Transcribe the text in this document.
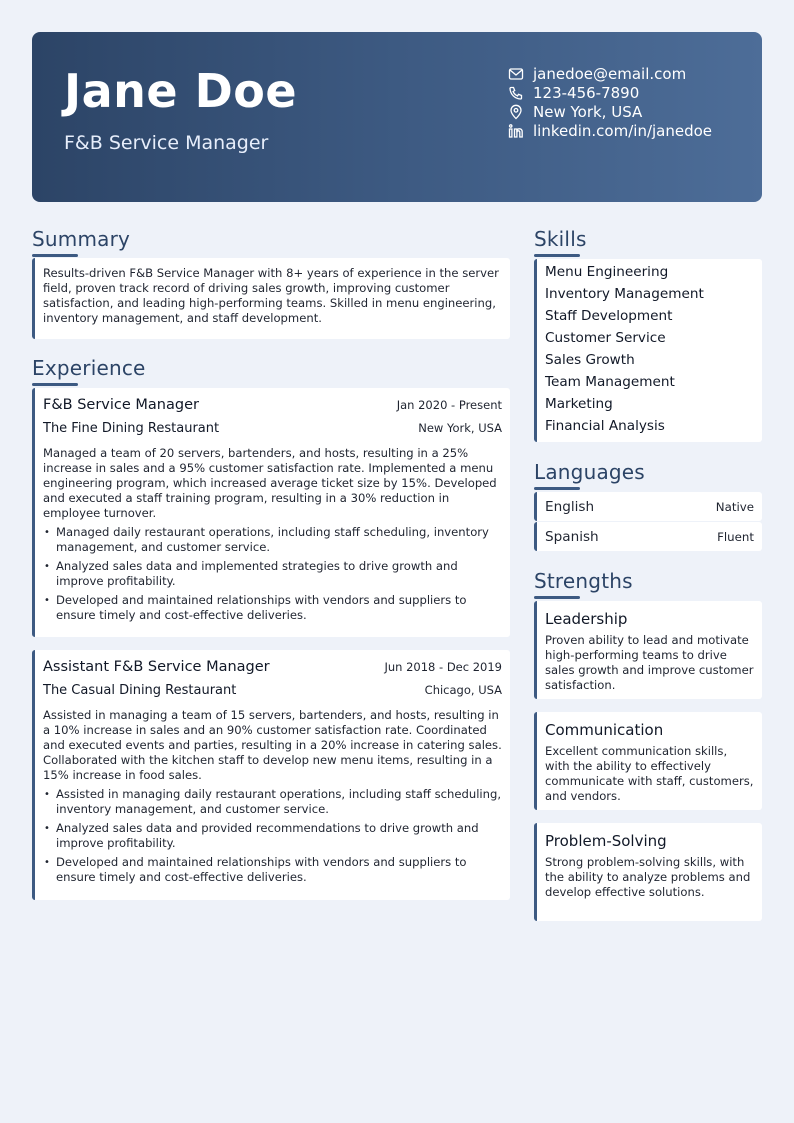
Jane Doe
F&B Service Manager
janedoe@email.com
123-456-7890
New York, USA
linkedin.com/in/janedoe
Summary
Results-driven F&B Service Manager with 8+ years of experience in the server field, proven track record of driving sales growth, improving customer satisfaction, and leading high-performing teams. Skilled in menu engineering, inventory management, and staff development.
Experience
F&B Service Manager	Jan 2020 - Present
The Fine Dining Restaurant	New York, USA
Managed a team of 20 servers, bartenders, and hosts, resulting in a 25% increase in sales and a 95% customer satisfaction rate. Implemented a menu engineering program, which increased average ticket size by 15%. Developed and executed a staff training program, resulting in a 30% reduction in employee turnover.
• Managed daily restaurant operations, including staff scheduling, inventory management, and customer service.
• Analyzed sales data and implemented strategies to drive growth and improve profitability.
• Developed and maintained relationships with vendors and suppliers to ensure timely and cost-effective deliveries.
Assistant F&B Service Manager	Jun 2018 - Dec 2019
The Casual Dining Restaurant	Chicago, USA
Assisted in managing a team of 15 servers, bartenders, and hosts, resulting in a 10% increase in sales and an 90% customer satisfaction rate. Coordinated and executed events and parties, resulting in a 20% increase in catering sales. Collaborated with the kitchen staff to develop new menu items, resulting in a 15% increase in food sales.
• Assisted in managing daily restaurant operations, including staff scheduling, inventory management, and customer service.
• Analyzed sales data and provided recommendations to drive growth and improve profitability.
• Developed and maintained relationships with vendors and suppliers to ensure timely and cost-effective deliveries.
Skills
Menu Engineering
Inventory Management
Staff Development
Customer Service
Sales Growth
Team Management
Marketing
Financial Analysis
Languages
English	Native
Spanish	Fluent
Strengths
Leadership
Proven ability to lead and motivate high-performing teams to drive sales growth and improve customer satisfaction.
Communication
Excellent communication skills, with the ability to effectively communicate with staff, customers, and vendors.
Problem-Solving
Strong problem-solving skills, with the ability to analyze problems and develop effective solutions.
